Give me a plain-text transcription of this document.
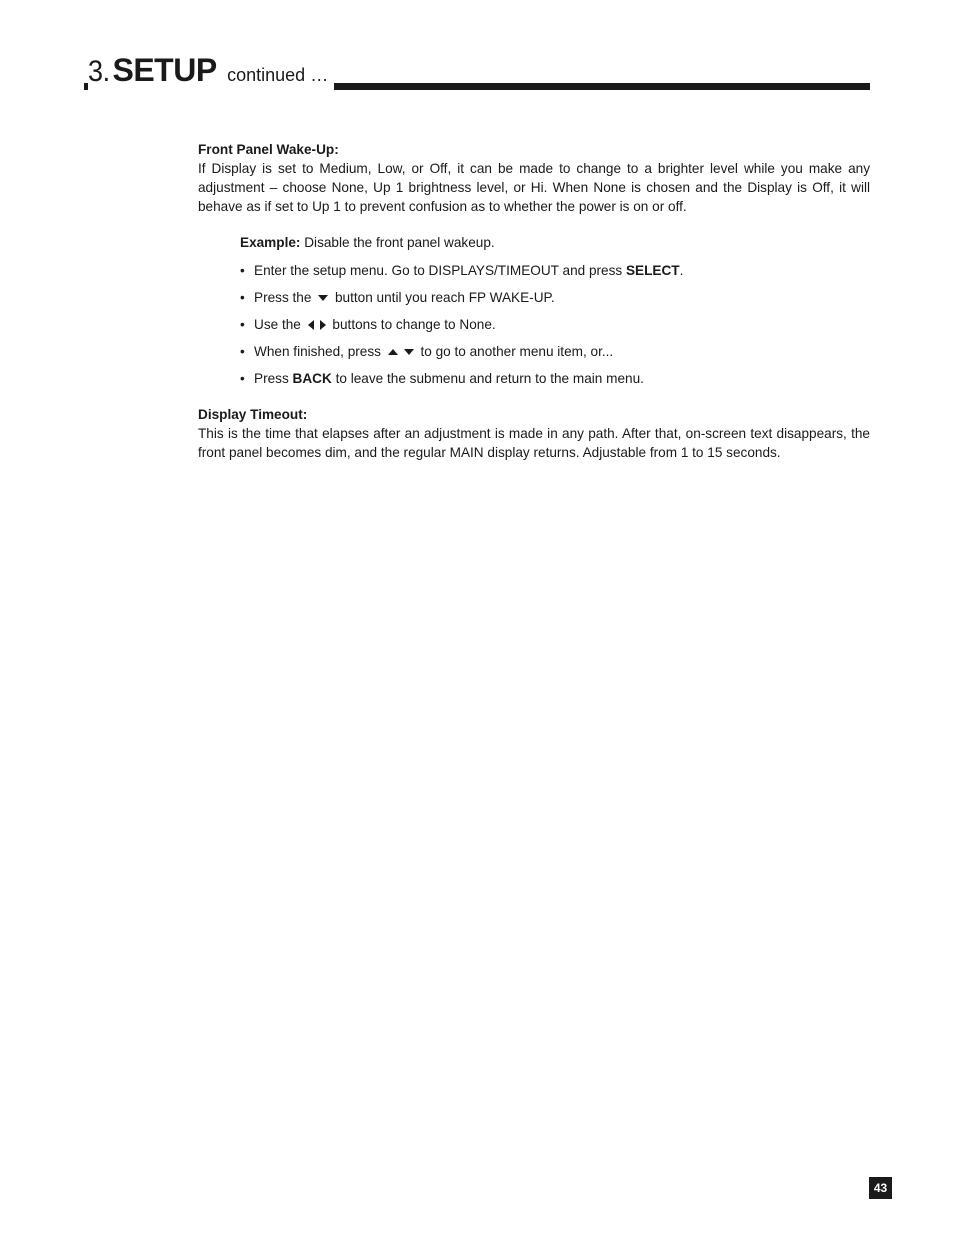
3. SETUP continued …

Front Panel Wake-Up:

If Display is set to Medium, Low, or Off, it can be made to change to a brighter level while you make any adjustment – choose None, Up 1 brightness level, or Hi. When None is chosen and the Display is Off, it will behave as if set to Up 1 to prevent confusion as to whether the power is on or off.

Example: Disable the front panel wakeup.
• Enter the setup menu. Go to DISPLAYS/TIMEOUT and press SELECT.
• Press the button until you reach FP WAKE-UP.
• Use the buttons to change to None.
• When finished, press	to go to another menu item, or...
• Press BACK to leave the submenu and return to the main menu.

Display Timeout:

This is the time that elapses after an adjustment is made in any path. After that, on-screen text disappears, the front panel becomes dim, and the regular MAIN display returns. Adjustable from 1 to 15 seconds.

43
